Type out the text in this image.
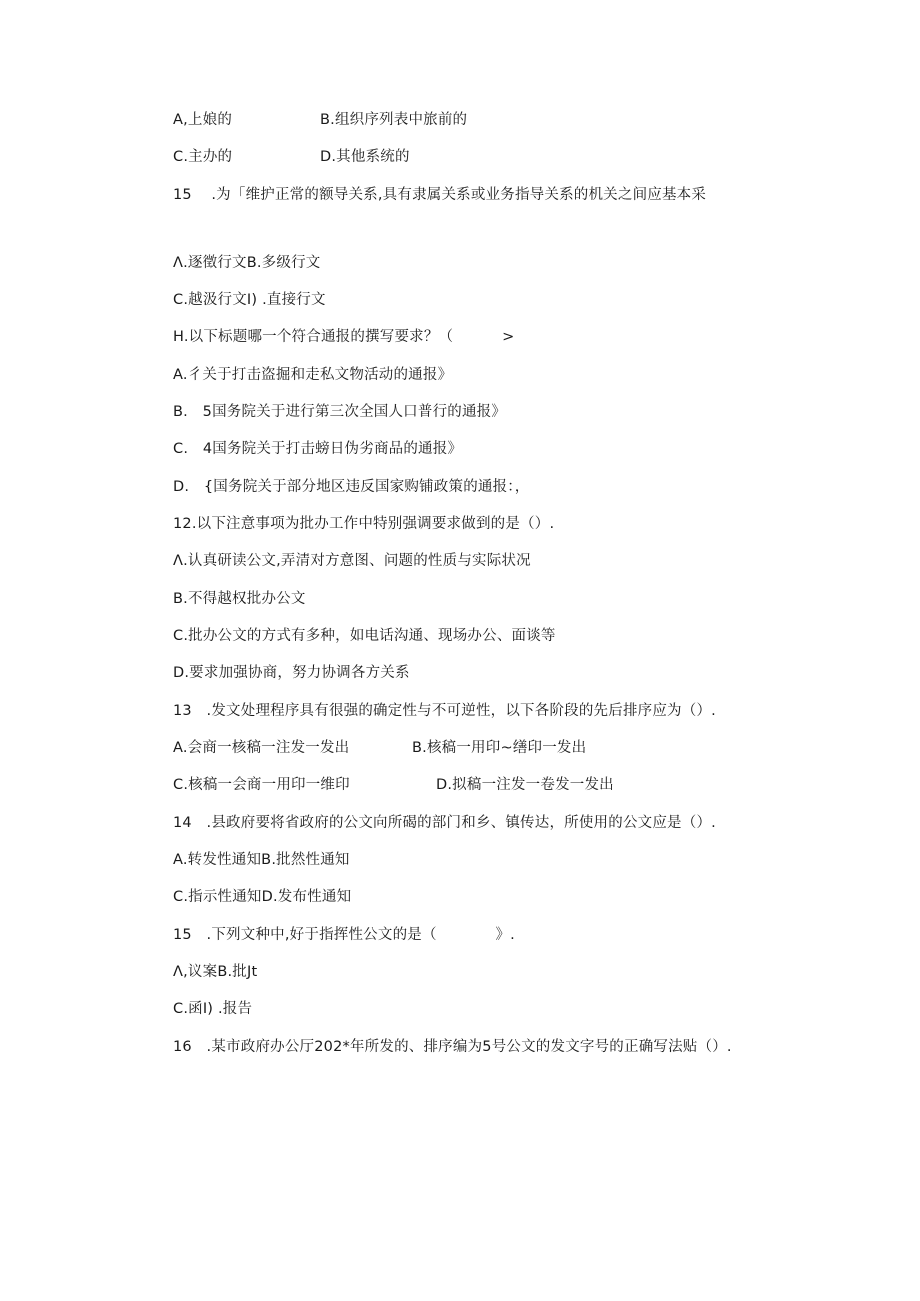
A,上娘的	B.组织序列表中旅前的
C.主办的	D.其他系统的
15　 .为「维护正常的额导关系,具有隶属关系或业务指导关系的机关之间应基本采
Λ.逐徵行文B.多级行文
C.越汲行文I) .直接行文
H.以下标题哪一个符合通报的撰写要求？（　　　 >
A.彳关于打击盗掘和走私文物活动的通报》
B.　5国务院关于进行第三次全国人口普行的通报》
C.　4国务院关于打击螃日伪劣商品的通报》
D.　{国务院关于部分地区违反国家购铺政策的通报：，
12.以下注意事项为批办工作中特别强调要求做到的是（）.
Λ.认真研读公文,弄清对方意图、问题的性质与实际状况
B.不得越权批办公文
C.批办公文的方式有多种，如电话沟通、现场办公、面谈等
D.要求加强协商，努力协调各方关系
13　.发文处理程序具有很强的确定性与不可逆性，以下各阶段的先后排序应为（）.
A.会商一核稿一注发一发出	B.核稿一用印~缮印一发出
C.核稿一会商一用印一维印	D.拟稿一注发一卷发一发出
14　.县政府要将省政府的公文向所碣的部门和乡、镇传达，所使用的公文应是（）.
A.转发性通知B.批然性通知
C.指示性通知D.发布性通知
15　.下列文种中,好于指挥性公文的是（　　　　》.
Λ,议案B.批Jt
C.函I) .报告
16　.某市政府办公厅202*年所发的、排序编为5号公文的发文字号的正确写法贴（）.
